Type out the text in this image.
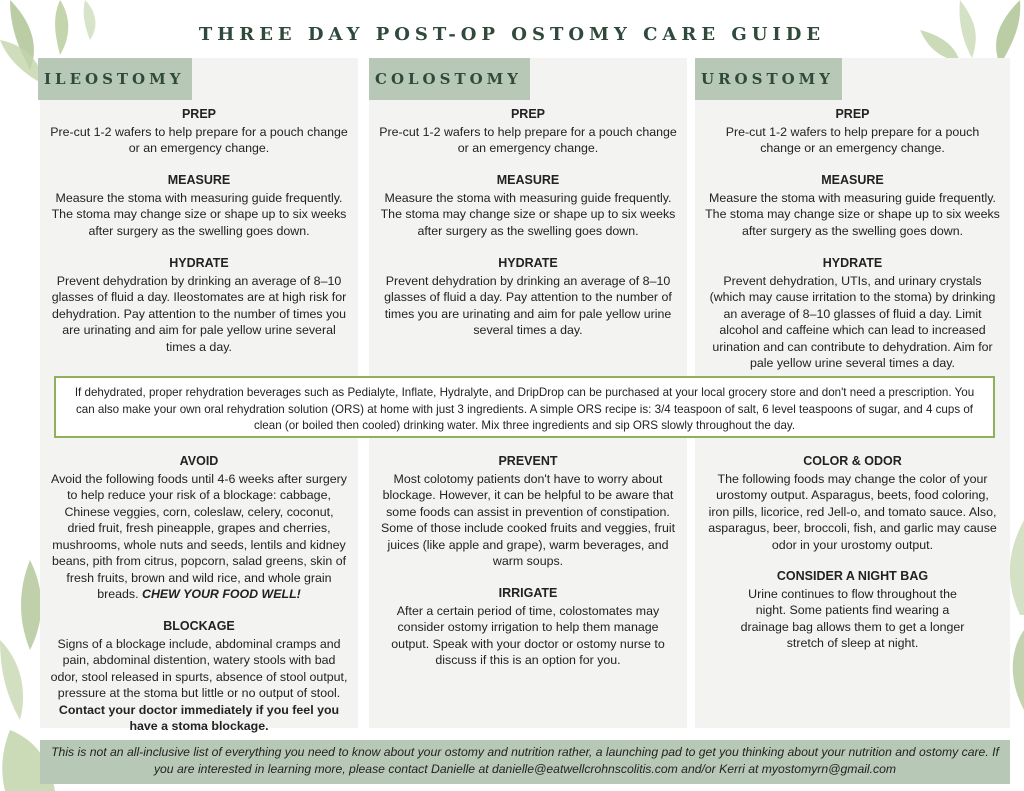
THREE DAY POST-OP OSTOMY CARE GUIDE
ILEOSTOMY
PREP
Pre-cut 1-2 wafers to help prepare for a pouch change or an emergency change.
MEASURE
Measure the stoma with measuring guide frequently. The stoma may change size or shape up to six weeks after surgery as the swelling goes down.
HYDRATE
Prevent dehydration by drinking an average of 8–10 glasses of fluid a day. Ileostomates are at high risk for dehydration. Pay attention to the number of times you are urinating and aim for pale yellow urine several times a day.
AVOID
Avoid the following foods until 4-6 weeks after surgery to help reduce your risk of a blockage: cabbage, Chinese veggies, corn, coleslaw, celery, coconut, dried fruit, fresh pineapple, grapes and cherries, mushrooms, whole nuts and seeds, lentils and kidney beans, pith from citrus, popcorn, salad greens, skin of fresh fruits, brown and wild rice, and whole grain breads. CHEW YOUR FOOD WELL!
BLOCKAGE
Signs of a blockage include, abdominal cramps and pain, abdominal distention, watery stools with bad odor, stool released in spurts, absence of stool output, pressure at the stoma but little or no output of stool. Contact your doctor immediately if you feel you have a stoma blockage.
COLOSTOMY
PREP
Pre-cut 1-2 wafers to help prepare for a pouch change or an emergency change.
MEASURE
Measure the stoma with measuring guide frequently. The stoma may change size or shape up to six weeks after surgery as the swelling goes down.
HYDRATE
Prevent dehydration by drinking an average of 8–10 glasses of fluid a day. Pay attention to the number of times you are urinating and aim for pale yellow urine several times a day.
PREVENT
Most colotomy patients don't have to worry about blockage. However, it can be helpful to be aware that some foods can assist in prevention of constipation. Some of those include cooked fruits and veggies, fruit juices (like apple and grape), warm beverages, and warm soups.
IRRIGATE
After a certain period of time, colostomates may consider ostomy irrigation to help them manage output. Speak with your doctor or ostomy nurse to discuss if this is an option for you.
UROSTOMY
PREP
Pre-cut 1-2 wafers to help prepare for a pouch change or an emergency change.
MEASURE
Measure the stoma with measuring guide frequently. The stoma may change size or shape up to six weeks after surgery as the swelling goes down.
HYDRATE
Prevent dehydration, UTIs, and urinary crystals (which may cause irritation to the stoma) by drinking an average of 8–10 glasses of fluid a day. Limit alcohol and caffeine which can lead to increased urination and can contribute to dehydration. Aim for pale yellow urine several times a day.
COLOR & ODOR
The following foods may change the color of your urostomy output. Asparagus, beets, food coloring, iron pills, licorice, red Jell-o, and tomato sauce. Also, asparagus, beer, broccoli, fish, and garlic may cause odor in your urostomy output.
CONSIDER A NIGHT BAG
Urine continues to flow throughout the night. Some patients find wearing a drainage bag allows them to get a longer stretch of sleep at night.
If dehydrated, proper rehydration beverages such as Pedialyte, Inflate, Hydralyte, and DripDrop can be purchased at your local grocery store and don't need a prescription. You can also make your own oral rehydration solution (ORS) at home with just 3 ingredients. A simple ORS recipe is: 3/4 teaspoon of salt, 6 level teaspoons of sugar, and 4 cups of clean (or boiled then cooled) drinking water. Mix three ingredients and sip ORS slowly throughout the day.
This is not an all-inclusive list of everything you need to know about your ostomy and nutrition rather, a launching pad to get you thinking about your nutrition and ostomy care. If you are interested in learning more, please contact Danielle at danielle@eatwellcrohnscolitis.com and/or Kerri at myostomyrn@gmail.com
